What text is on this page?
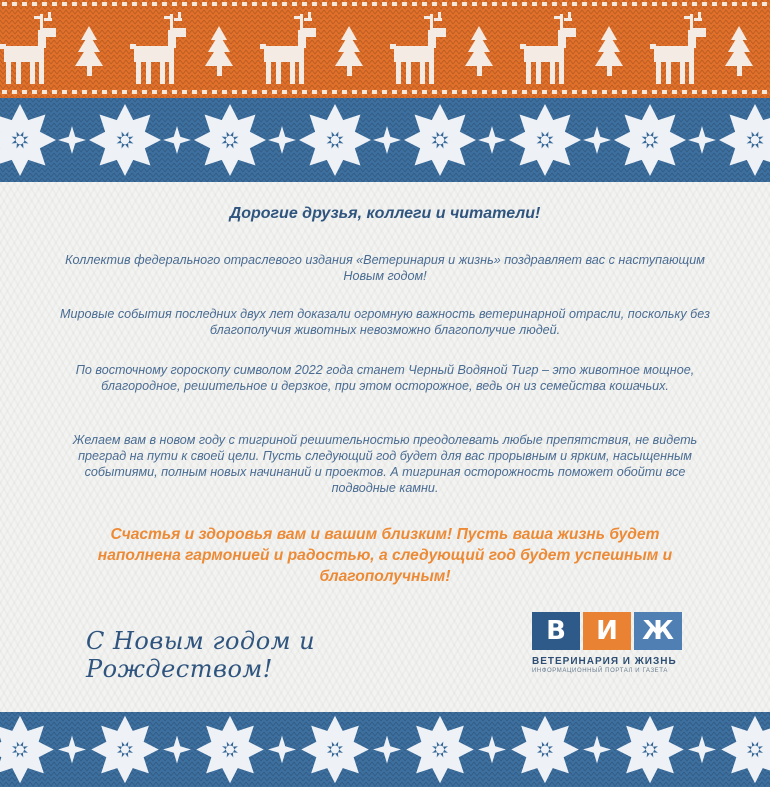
Дорогие друзья, коллеги и читатели!
Коллектив федерального отраслевого издания «Ветеринария и жизнь» поздравляет вас с наступающим Новым годом!
Мировые события последних двух лет доказали огромную важность ветеринарной отрасли, поскольку без благополучия животных невозможно благополучие людей.
По восточному гороскопу символом 2022 года станет Черный Водяной Тигр – это животное мощное, благородное, решительное и дерзкое, при этом осторожное, ведь он из семейства кошачьих.
Желаем вам в новом году с тигриной решительностью преодолевать любые препятствия, не видеть преград на пути к своей цели. Пусть следующий год будет для вас прорывным и ярким, насыщенным событиями, полным новых начинаний и проектов. А тигриная осторожность поможет обойти все подводные камни.
Счастья и здоровья вам и вашим близким! Пусть ваша жизнь будет наполнена гармонией и радостью, а следующий год будет успешным и благополучным!
С Новым годом и Рождеством!
В	И Ж
ВЕТЕРИНАРИЯ И ЖИЗНЬ
ИНФОРМАЦИОННЫЙ ПОРТАЛ И ГАЗЕТА
